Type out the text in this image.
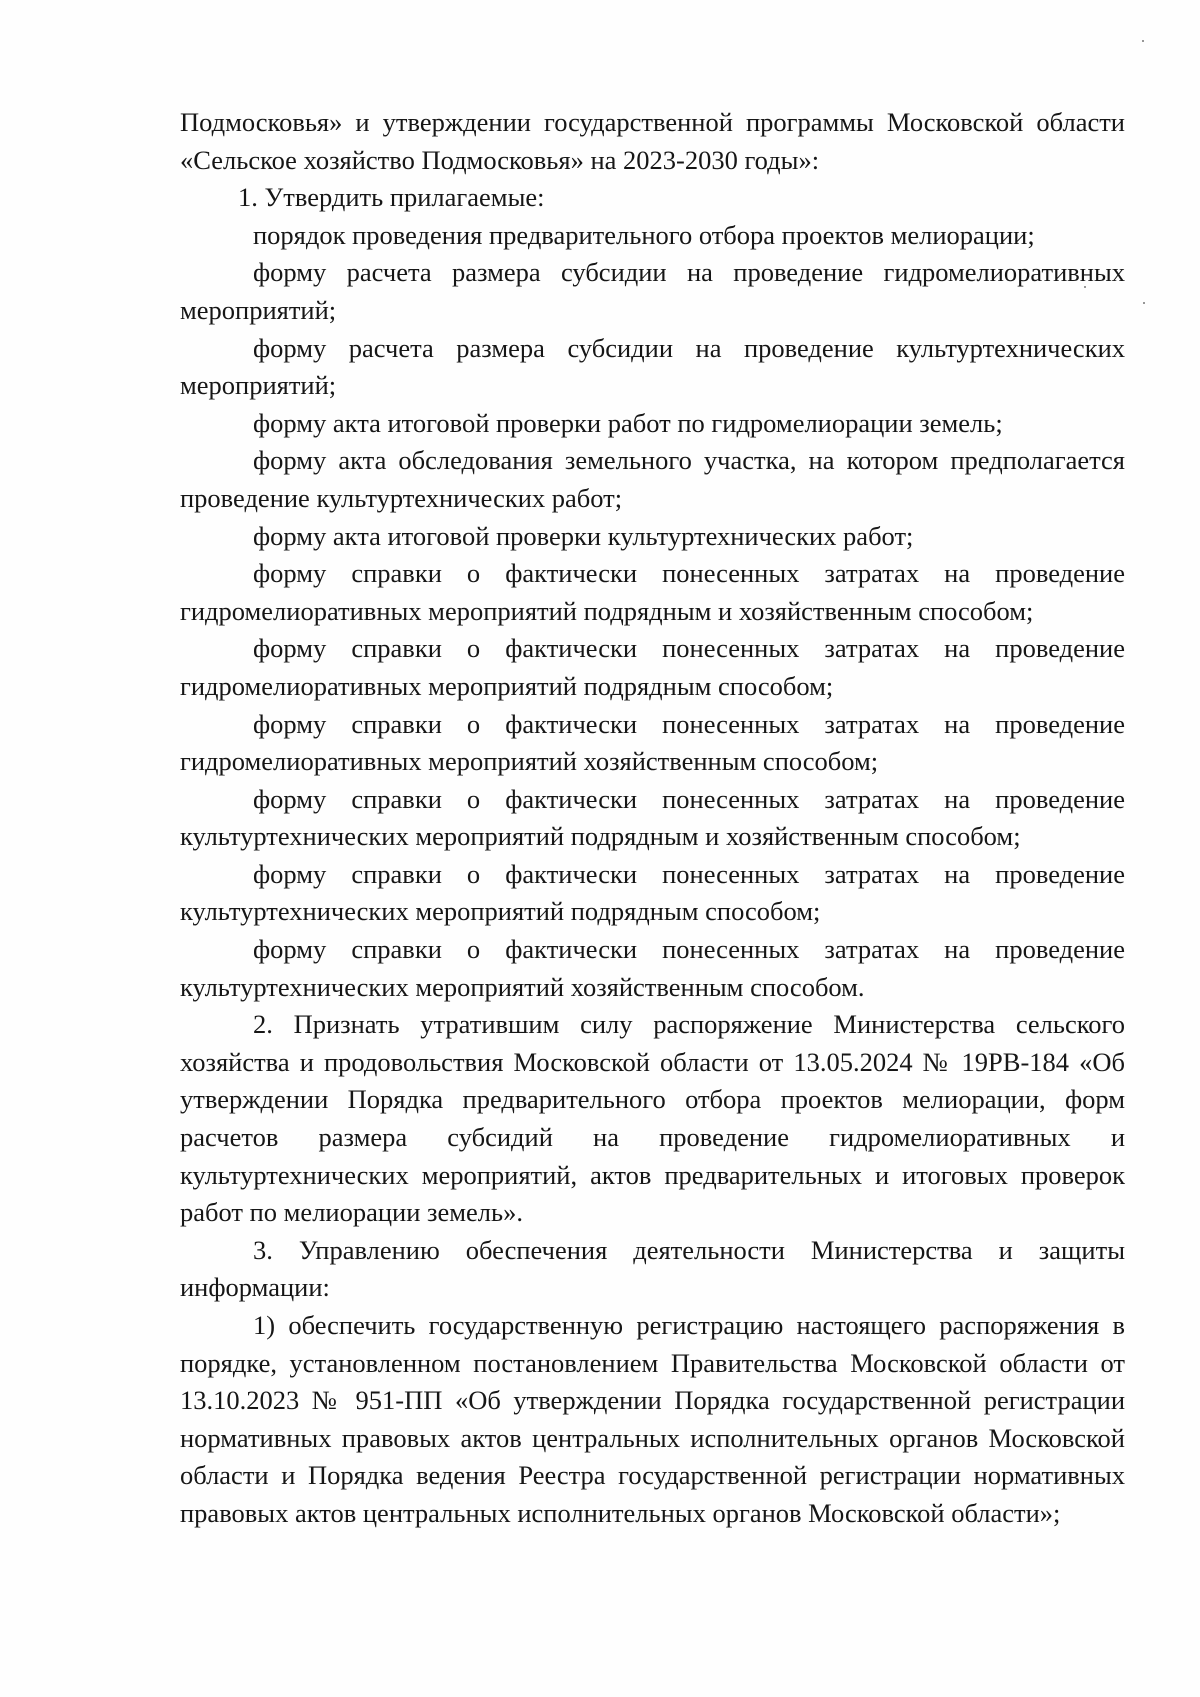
Подмосковья» и утверждении государственной программы Московской области «Сельское хозяйство Подмосковья» на 2023-2030 годы»:

1. Утвердить прилагаемые:

порядок проведения предварительного отбора проектов мелиорации;

форму расчета размера субсидии на проведение гидромелиоративных мероприятий;

форму расчета размера субсидии на проведение культуртехнических мероприятий;

форму акта итоговой проверки работ по гидромелиорации земель;

форму акта обследования земельного участка, на котором предполагается проведение культуртехнических работ;

форму акта итоговой проверки культуртехнических работ;

форму справки о фактически понесенных затратах на проведение гидромелиоративных мероприятий подрядным и хозяйственным способом;

форму справки о фактически понесенных затратах на проведение гидромелиоративных мероприятий подрядным способом;

форму справки о фактически понесенных затратах на проведение гидромелиоративных мероприятий хозяйственным способом;

форму справки о фактически понесенных затратах на проведение культуртехнических мероприятий подрядным и хозяйственным способом;

форму справки о фактически понесенных затратах на проведение культуртехнических мероприятий подрядным способом;

форму справки о фактически понесенных затратах на проведение культуртехнических мероприятий хозяйственным способом.

2. Признать утратившим силу распоряжение Министерства сельского хозяйства и продовольствия Московской области от 13.05.2024 № 19РВ-184 «Об утверждении Порядка предварительного отбора проектов мелиорации, форм расчетов размера субсидий на проведение гидромелиоративных и культуртехнических мероприятий, актов предварительных и итоговых проверок работ по мелиорации земель».

3. Управлению обеспечения деятельности Министерства и защиты информации:

1) обеспечить государственную регистрацию настоящего распоряжения в порядке, установленном постановлением Правительства Московской области от 13.10.2023 № 951-ПП «Об утверждении Порядка государственной регистрации нормативных правовых актов центральных исполнительных органов Московской области и Порядка ведения Реестра государственной регистрации нормативных правовых актов центральных исполнительных органов Московской области»;
